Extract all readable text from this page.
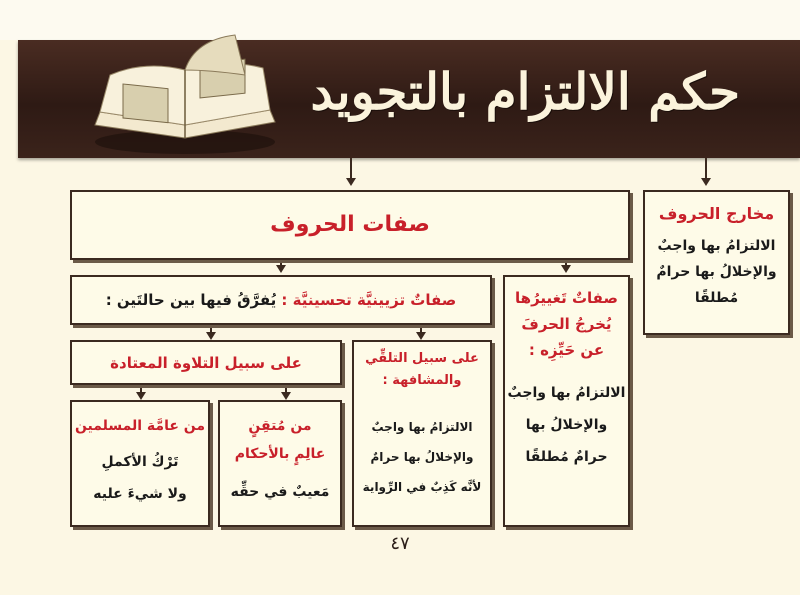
حكم الالتزام بالتجويد
مخارج الحروف
الالتزامُ بها واجبٌ
والإخلالُ بها حرامٌ
مُطلقًا
صفات الحروف
صفاتٌ تَغييرُها
يُخرجُ الحرفَ
عن حَيِّزِه :
الالتزامُ بها واجبٌ
والإخلالُ بها
حرامٌ مُطلقًا
صفاتٌ تزيينيَّة تحسينيَّة : يُفرَّقُ فيها بين حالتَين :
على سبيل التلقِّي
والمشافهة :
الالتزامُ بها واجبٌ
والإخلالُ بها حرامٌ
لأنَّه كَذِبٌ في الرِّواية
على سبيل التلاوة المعتادة
من مُتقِنٍ
عالِمٍ بالأحكام
مَعيبٌ في حقِّه
من عامَّة المسلمين
تَرْكُ الأكملِ
ولا شيءَ عليه
٤٧
